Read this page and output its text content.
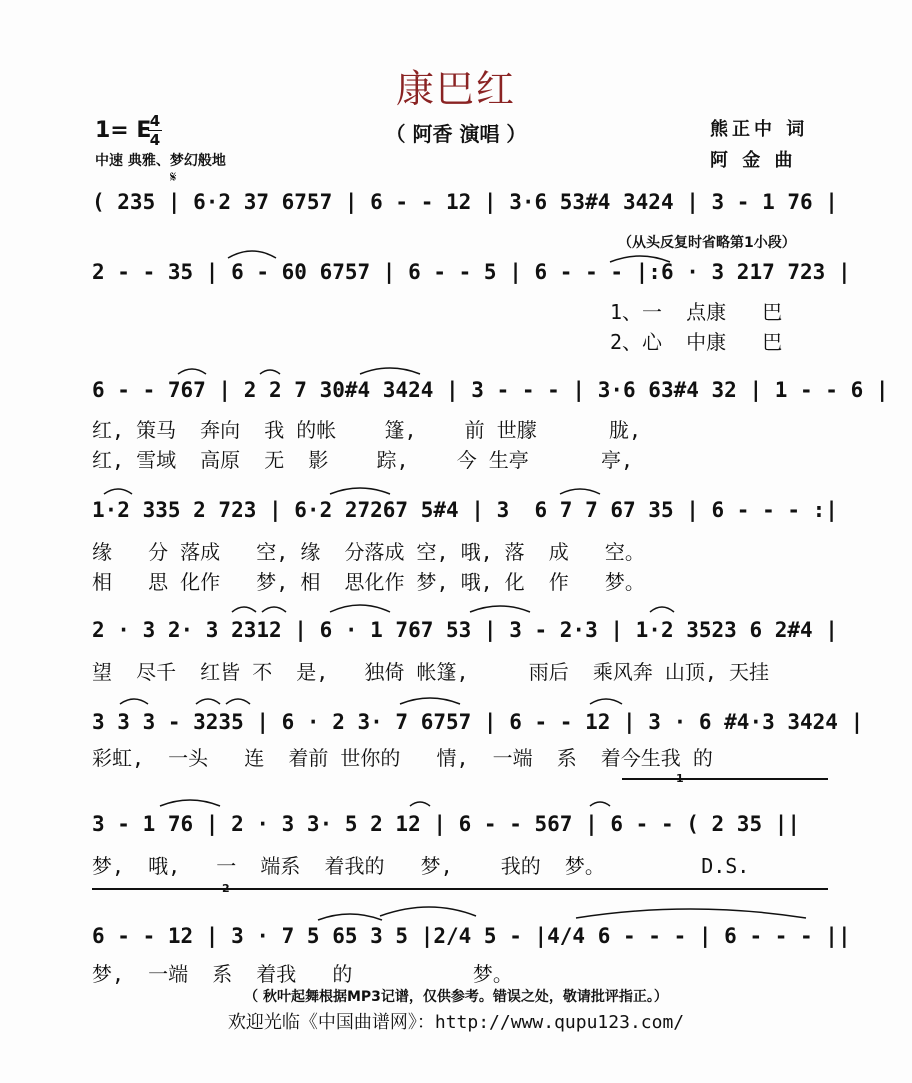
康巴红
（ 阿香 演唱 ）
1= E
4
4
中速 典雅、梦幻般地
𝄋
熊正中 词
阿 金 曲
( 235 | 6·2 37 6757 | 6 - - 12 | 3·6 53#4 3424 | 3 - 1 76 |
（从头反复时省略第1小段）
2 - - 35 | 6 - 60 6757 | 6 - - 5 | 6 - - - |:6 · 3 217 723 |
1、一  点康   巴
2、心  中康   巴
6 - - 767 | 2 2 7 30#4 3424 | 3 - - - | 3·6 63#4 32 | 1 - - 6 |
红, 策马  奔向  我 的帐    篷,    前 世朦      胧,
红, 雪域  高原  无  影    踪,    今 生亭      亭,
1·2 335 2 723 | 6·2 27267 5#4 | 3  6 7 7 67 35 | 6 - - - :|
缘   分 落成   空, 缘  分落成 空, 哦, 落  成   空。
相   思 化作   梦, 相  思化作 梦, 哦, 化  作   梦。
2 · 3 2· 3 2312 | 6 · 1 767 53 | 3 - 2·3 | 1·2 3523 6 2#4 |
望  尽千  红皆 不  是,   独倚 帐篷,     雨后  乘风奔 山顶, 天挂
3 3 3 - 3235 | 6 · 2 3· 7 6757 | 6 - - 12 | 3 · 6 #4·3 3424 |
彩虹,  一头   连  着前 世你的   情,  一端  系  着今生我 的
1
3 - 1 76 | 2 · 3 3· 5 2 12 | 6 - - 567 | 6 - - ( 2 35 ||
梦,  哦,   一  端系  着我的   梦,    我的  梦。        D.S.
2
6 - - 12 | 3 · 7 5 65 3 5 |2/4 5 - |4/4 6 - - - | 6 - - - ||
梦,  一端  系  着我   的          梦。
（ 秋叶起舞根据MP3记谱，仅供参考。错误之处，敬请批评指正。）
欢迎光临《中国曲谱网》：http://www.qupu123.com/
